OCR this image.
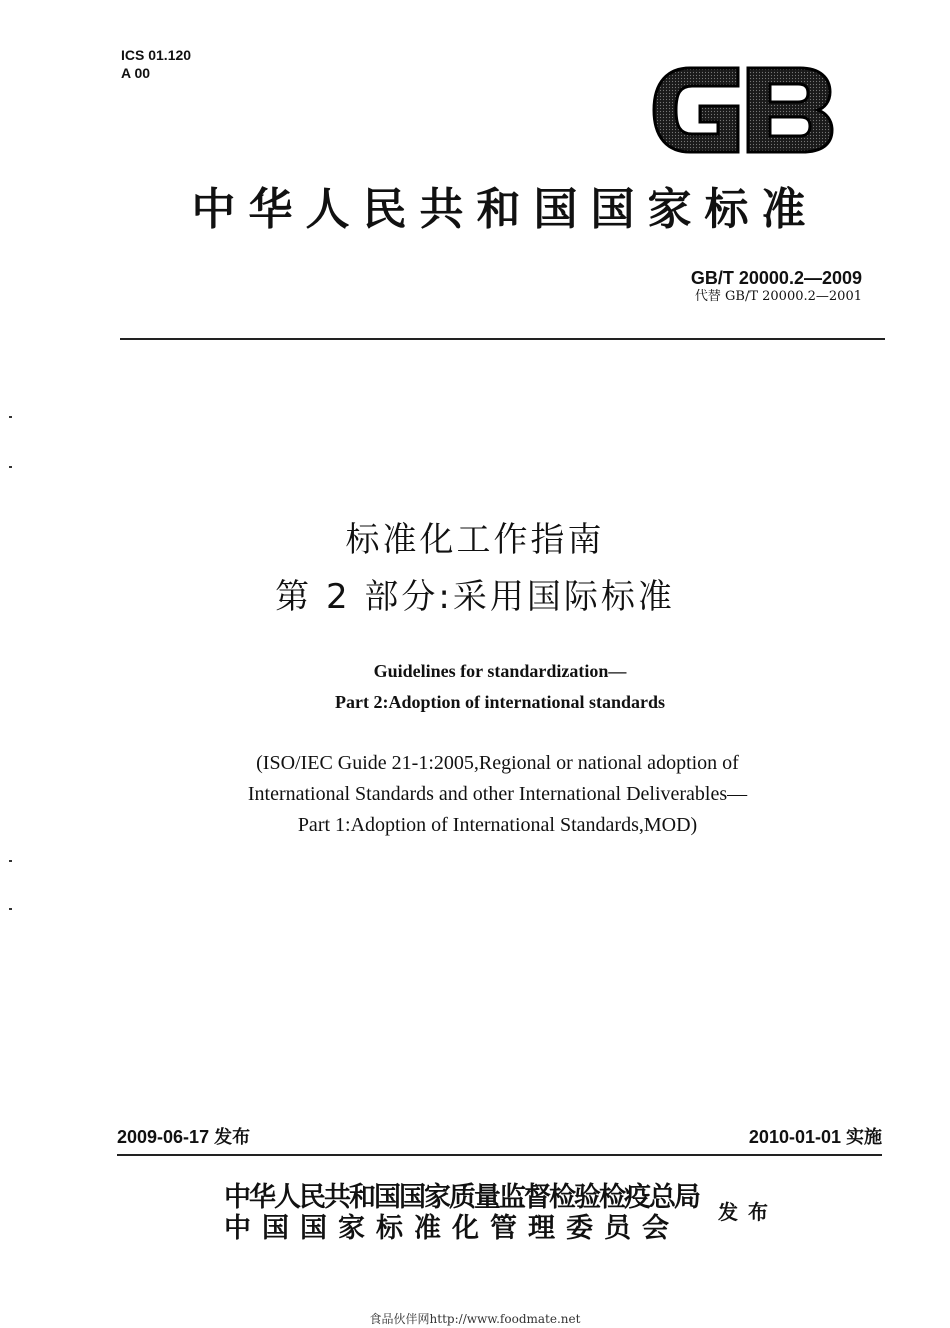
ICS 01.120
A 00
中华人民共和国国家标准
GB/T 20000.2—2009
代替 GB/T 20000.2—2001
标准化工作指南
第 2 部分:采用国际标准
Guidelines for standardization—
Part 2:Adoption of international standards
(ISO/IEC Guide 21-1:2005,Regional or national adoption of
International Standards and other International Deliverables—
Part 1:Adoption of International Standards,MOD)
2009-06-17 发布	2010-01-01 实施
中华人民共和国国家质量监督检验检疫总局
中国国家标准化管理委员会
发布
食品伙伴网http://www.foodmate.net
